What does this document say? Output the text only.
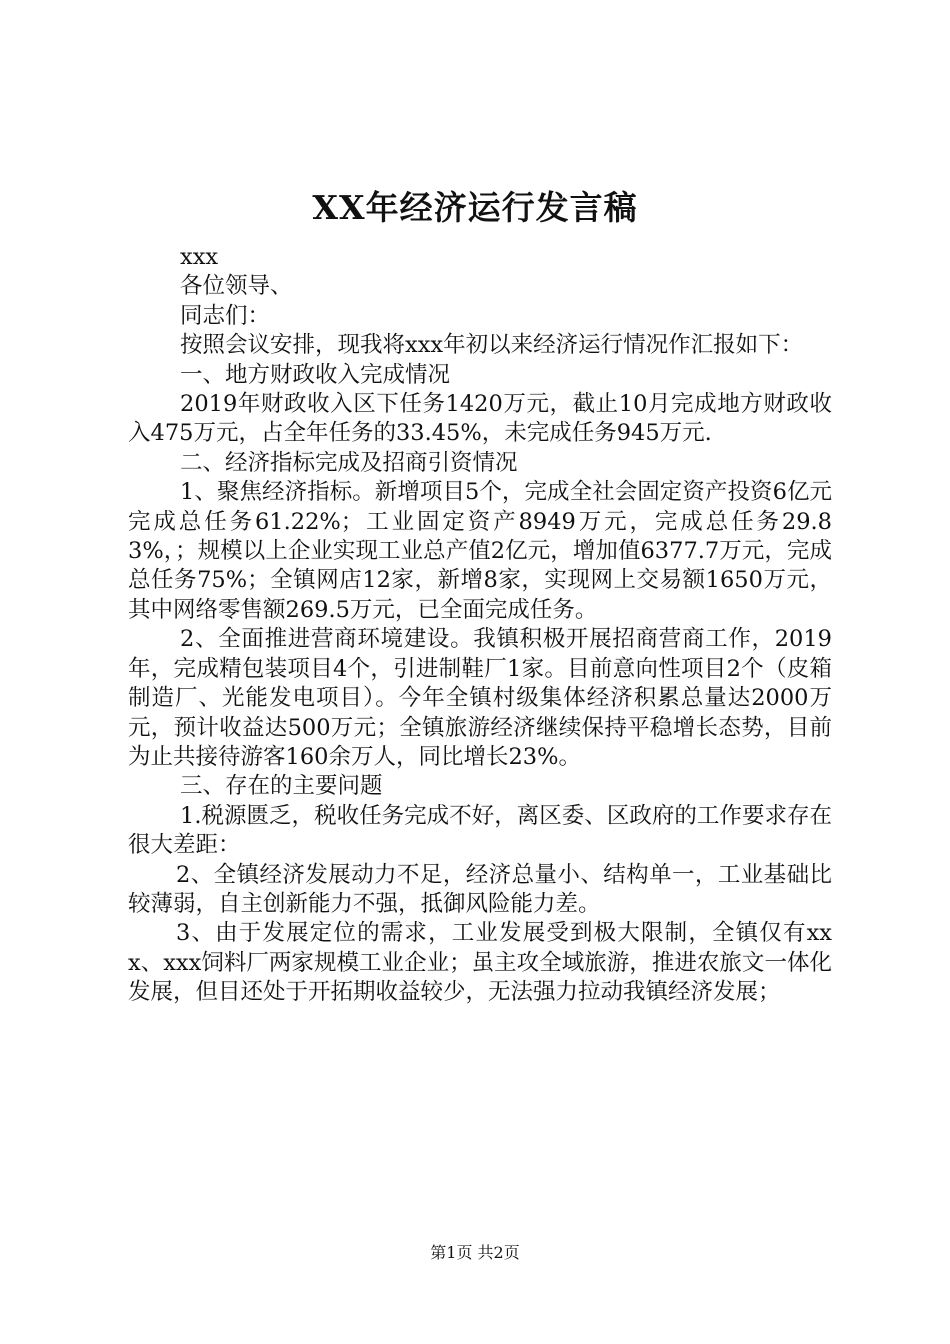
XX年经济运行发言稿

xxx

各位领导、

同志们：

按照会议安排，现我将xxx年初以来经济运行情况作汇报如下：

一、地方财政收入完成情况

2019年财政收入区下任务1420万元，截止10月完成地方财政收入475万元，占全年任务的33.45%，未完成任务945万元.

二、经济指标完成及招商引资情况

1、聚焦经济指标。新增项目5个，完成全社会固定资产投资6亿元完成总任务61.22%；工业固定资产8949万元，完成总任务29.83%，；规模以上企业实现工业总产值2亿元，增加值6377.7万元，完成总任务75%；全镇网店12家，新增8家，实现网上交易额1650万元，其中网络零售额269.5万元，已全面完成任务。

2、全面推进营商环境建设。我镇积极开展招商营商工作，2019年，完成精包装项目4个，引进制鞋厂1家。目前意向性项目2个（皮箱制造厂、光能发电项目）。今年全镇村级集体经济积累总量达2000万元，预计收益达500万元；全镇旅游经济继续保持平稳增长态势，目前为止共接待游客160余万人，同比增长23%。

三、存在的主要问题

1.税源匮乏，税收任务完成不好，离区委、区政府的工作要求存在很大差距：

2、全镇经济发展动力不足，经济总量小、结构单一，工业基础比较薄弱，自主创新能力不强，抵御风险能力差。

3、由于发展定位的需求，工业发展受到极大限制，全镇仅有xxx、xxx饲料厂两家规模工业企业；虽主攻全域旅游，推进农旅文一体化发展，但目还处于开拓期收益较少，无法强力拉动我镇经济发展；

第1页 共2页
